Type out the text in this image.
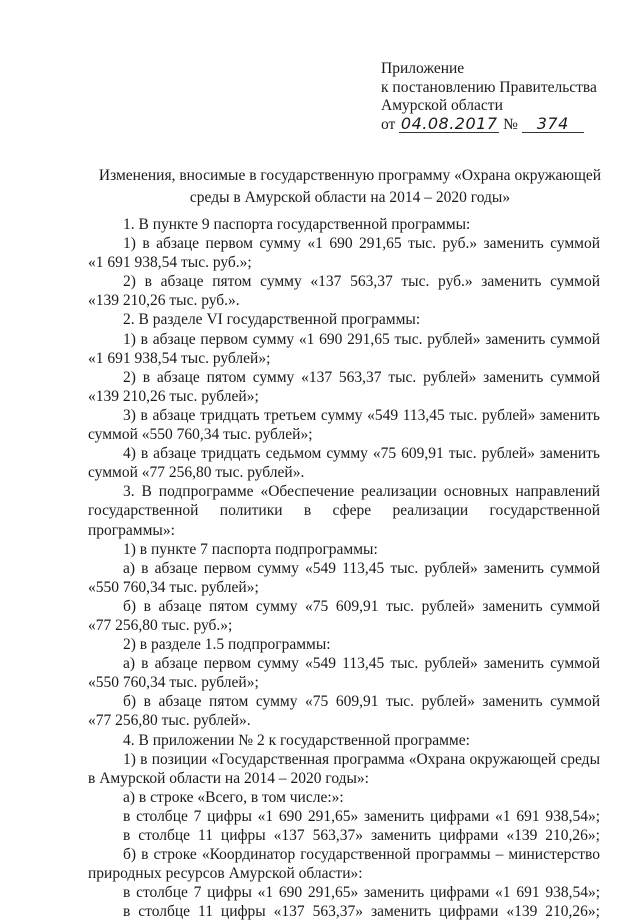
Приложение
к постановлению Правительства
Амурской области
от 04.08.2017 № 374
Изменения, вносимые в государственную программу «Охрана окружающей
среды в Амурской области на 2014 – 2020 годы»

1. В пункте 9 паспорта государственной программы:

1) в абзаце первом сумму «1 690 291,65 тыс. руб.» заменить суммой

«1 691 938,54 тыс. руб.»;

2) в абзаце пятом сумму «137 563,37 тыс. руб.» заменить суммой

«139 210,26 тыс. руб.».

2. В разделе VI государственной программы:

1) в абзаце первом сумму «1 690 291,65 тыс. рублей» заменить суммой

«1 691 938,54 тыс. рублей»;

2) в абзаце пятом сумму «137 563,37 тыс. рублей» заменить суммой

«139 210,26 тыс. рублей»;

3) в абзаце тридцать третьем сумму «549 113,45 тыс. рублей» заменить

суммой «550 760,34 тыс. рублей»;

4) в абзаце тридцать седьмом сумму «75 609,91 тыс. рублей» заменить

суммой «77 256,80 тыс. рублей».

3. В подпрограмме «Обеспечение реализации основных направлений

государственной политики в сфере реализации государственной программы»:

1) в пункте 7 паспорта подпрограммы:

а) в абзаце первом сумму «549 113,45 тыс. рублей» заменить суммой

«550 760,34 тыс. рублей»;

б) в абзаце пятом сумму «75 609,91 тыс. рублей» заменить суммой

«77 256,80 тыс. руб.»;

2) в разделе 1.5 подпрограммы:

а) в абзаце первом сумму «549 113,45 тыс. рублей» заменить суммой

«550 760,34 тыс. рублей»;

б) в абзаце пятом сумму «75 609,91 тыс. рублей» заменить суммой

«77 256,80 тыс. рублей».

4. В приложении № 2 к государственной программе:

1) в позиции «Государственная программа «Охрана окружающей среды

в Амурской области на 2014 – 2020 годы»:

а) в строке «Всего, в том числе:»:

в столбце 7 цифры «1 690 291,65» заменить цифрами «1 691 938,54»;

в столбце 11 цифры «137 563,37» заменить цифрами «139 210,26»;

б) в строке «Координатор государственной программы – министерство

природных ресурсов Амурской области»:

в столбце 7 цифры «1 690 291,65» заменить цифрами «1 691 938,54»;

в столбце 11 цифры «137 563,37» заменить цифрами «139 210,26»;
